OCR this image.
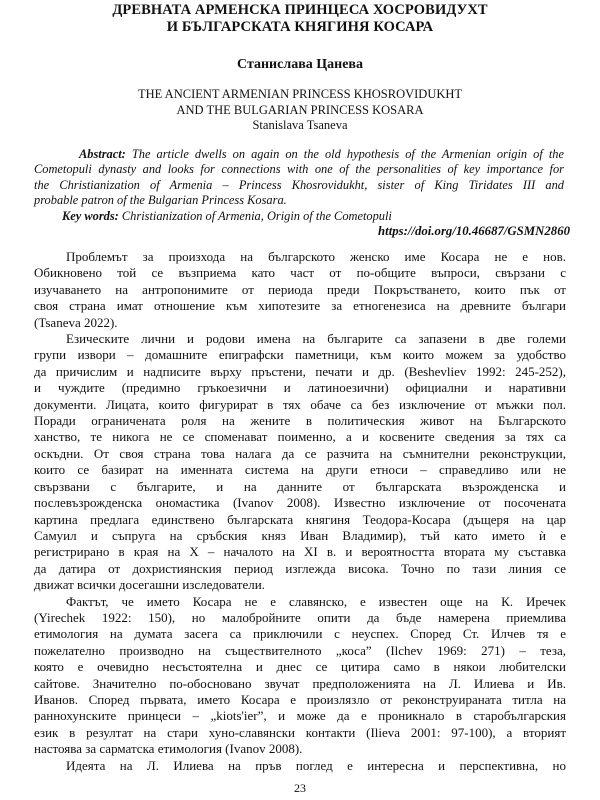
ДРЕВНАТА АРМЕНСКА ПРИНЦЕСА ХОСРОВИДУХТ
И БЪЛГАРСКАТА КНЯГИНЯ КОСАРА
Станислава Цанева
THE ANCIENT ARMENIAN PRINCESS KHOSROVIDUKHT
AND THE BULGARIAN PRINCESS KOSARA
Stanislava Tsaneva
Abstract: The article dwells on again on the old hypothesis of the Armenian origin of the
Cometopuli dynasty and looks for connections with one of the personalities of key importance for
the Christianization of Armenia – Princess Khosrovidukht, sister of King Tiridates III and
probable patron of the Bulgarian Princess Kosara.
Key words: Christianization of Armenia, Origin of the Cometopuli
https://doi.org/10.46687/GSMN2860
Проблемът за произхода на българското женско име Косара не е нов.
Обикновено той се възприема като част от по-общите въпроси, свързани с
изучаването на антропонимите от периода преди Покръстването, които пък от
своя страна имат отношение към хипотезите за етногенезиса на древните българи
(Tsaneva 2022).
Езическите лични и родови имена на българите са запазени в две големи
групи извори – домашните епиграфски паметници, към които можем за удобство
да причислим и надписите върху пръстени, печати и др. (Beshevliev 1992: 245-252),
и чуждите (предимно гръкоезични и латиноезични) официални и наративни
документи. Лицата, които фигурират в тях обаче са без изключение от мъжки пол.
Поради ограничената роля на жените в политическия живот на Българското
ханство, те никога не се споменават поименно, а и косвените сведения за тях са
оскъдни. От своя страна това налага да се разчита на съмнителни реконструкции,
които се базират на именната система на други етноси – справедливо или не
свързвани с българите, и на данните от българската възрожденска и
послевъзрожденска ономастика (Ivanov 2008). Известно изключение от посочената
картина предлага единствено българската княгиня Теодора-Косара (дъщеря на цар
Самуил и съпруга на сръбския княз Иван Владимир), тъй като името ѝ е
регистрирано в края на X – началото на XI в. и вероятността втората му съставка
да датира от дохристиянския период изглежда висока. Точно по тази линия се
движат всички досегашни изследователи.
Фактът, че името Косара не е славянско, е известен още на К. Иречек
(Yirechek 1922: 150), но малобройните опити да бъде намерена приемлива
етимология на думата засега са приключили с неуспех. Според Ст. Илчев тя е
пожелателно производно на съществителното „коса” (Ilchev 1969: 271) – теза,
която е очевидно несъстоятелна и днес се цитира само в някои любителски
сайтове. Значително по-обосновано звучат предположенията на Л. Илиева и Ив.
Иванов. Според първата, името Косара е произлязло от реконструираната титла на
раннохунските принцеси – „kiots'ier”, и може да е проникнало в старобългарския
език в резултат на стари хуно-славянски контакти (Ilieva 2001: 97-100), а вторият
настоява за сарматска етимология (Ivanov 2008).
Идеята на Л. Илиева на пръв поглед е интересна и перспективна, но
23
